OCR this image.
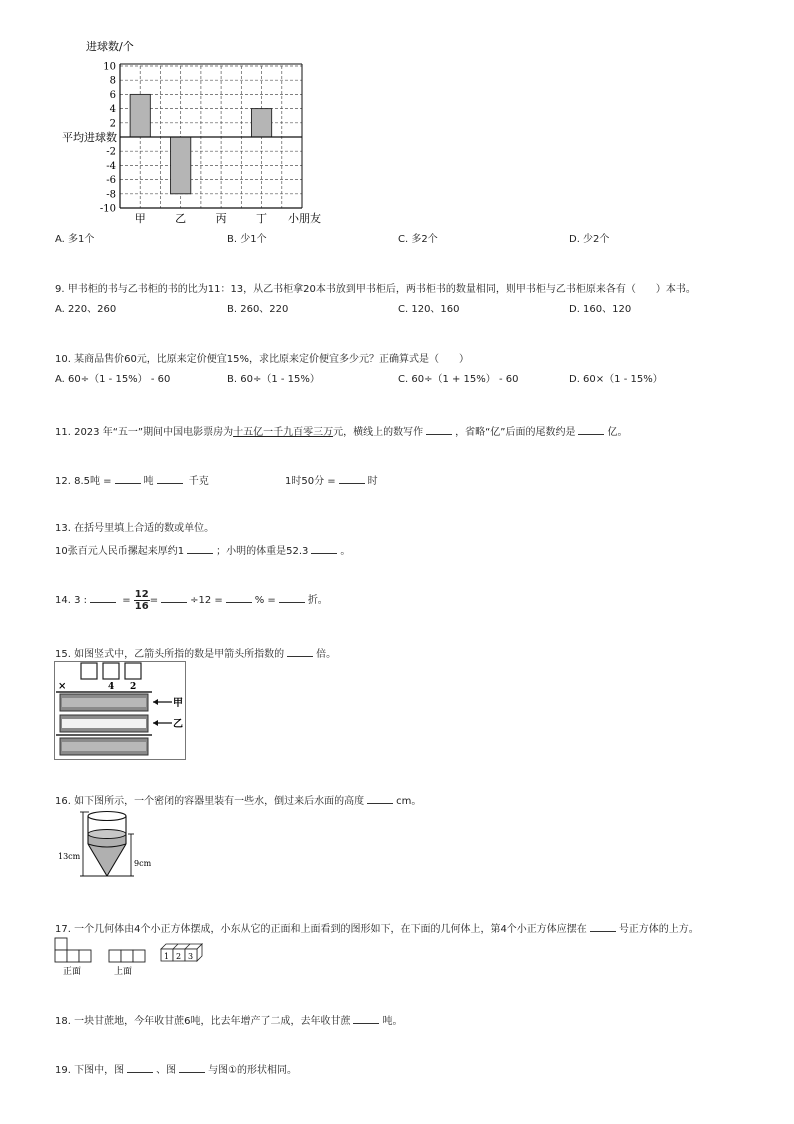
甲	乙	丙	丁
10
8
6
4
2
-2
-4
-6
-8
-10
进球数/个
平均进球数
小朋友
A. 多1个	B. 少1个	C. 多2个	D. 少2个
9. 甲书柜的书与乙书柜的书的比为11：13，从乙书柜拿20本书放到甲书柜后，两书柜书的数量相同，则甲书柜与乙书柜原来各有（　　）本书。
A. 220、260	B. 260、220	C. 120、160	D. 160、120
10. 某商品售价60元，比原来定价便宜15%，求比原来定价便宜多少元？正确算式是（　　）
A. 60÷（1 - 15%） - 60	B. 60÷（1 - 15%）	C. 60÷（1 + 15%） - 60	D. 60×（1 - 15%）
11. 2023 年“五一”期间中国电影票房为十五亿一千九百零三万元，横线上的数写作	，省略“亿”后面的尾数约是	亿。
12. 8.5吨 =	吨	千克	1时50分 =	时
13. 在括号里填上合适的数或单位。
10张百元人民币摞起来厚约1	；小明的体重是52.3	。
14. 3 :	= $\frac{12}{16}$ =	÷12 =	% =	折。
15. 如图竖式中，乙箭头所指的数是甲箭头所指数的	倍。
×	4 2
甲
乙
16. 如下图所示，一个密闭的容器里装有一些水，倒过来后水面的高度	cm。
13cm
9cm
17. 一个几何体由4个小正方体摆成，小东从它的正面和上面看到的图形如下，在下面的几何体上，第4个小正方体应摆在	号正方体的上方。
正面	上面
1 2 3
18. 一块甘蔗地，今年收甘蔗6吨，比去年增产了二成，去年收甘蔗	吨。
19. 下图中，图	、图	与图①的形状相同。
